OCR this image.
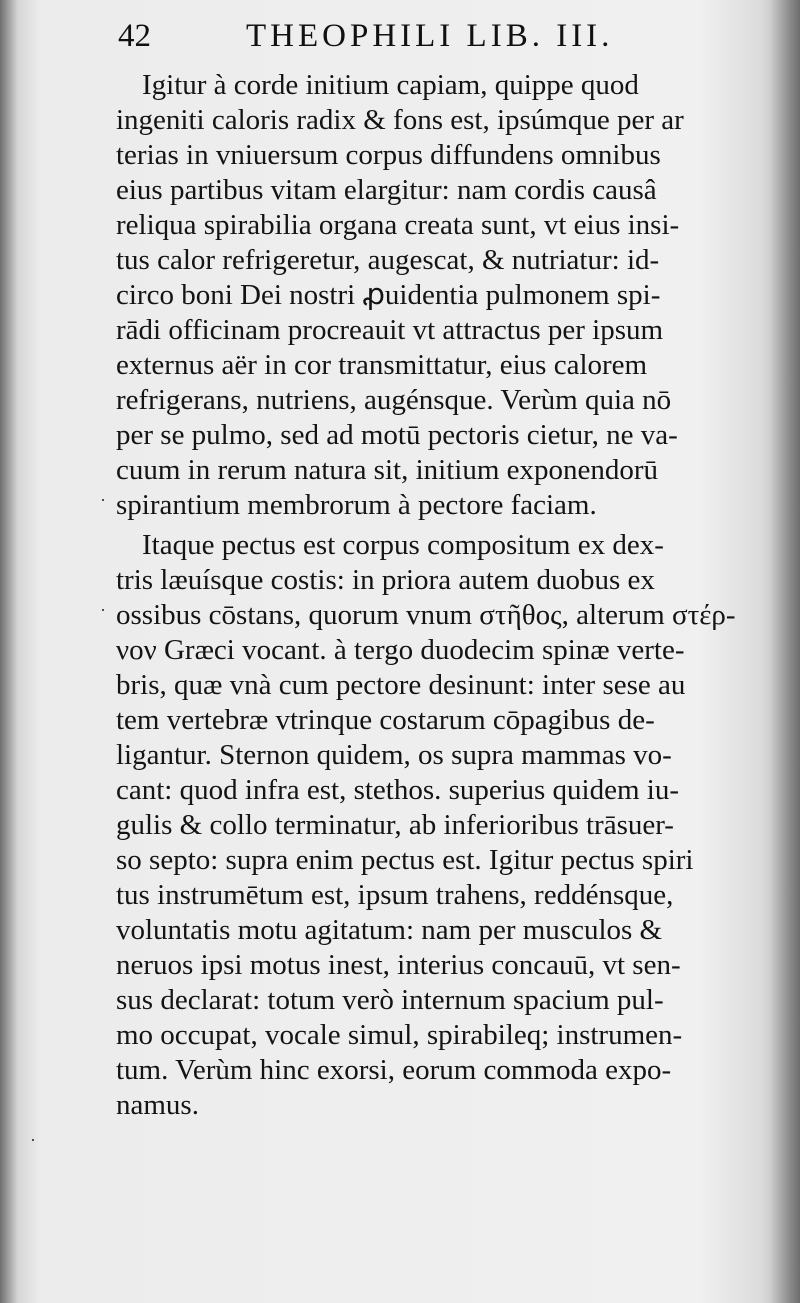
42	THEOPHILI LIB. III.
Igitur à corde initium capiam, quippe quod
ingeniti caloris radix & fons est, ipsúmque per ar
terias in vniuersum corpus diffundens omnibus
eius partibus vitam elargitur: nam cordis causâ
reliqua spirabilia organa creata sunt, vt eius insi-
tus calor refrigeretur, augescat, & nutriatur: id-
circo boni Dei nostri ꝓuidentia pulmonem spi-
rādi officinam procreauit vt attractus per ipsum
externus aër in cor transmittatur, eius calorem
refrigerans, nutriens, augénsque. Verùm quia nō
per se pulmo, sed ad motū pectoris cietur, ne va-
cuum in rerum natura sit, initium exponendorū
spirantium membrorum à pectore faciam.
Itaque pectus est corpus compositum ex dex-
tris læuísque costis: in priora autem duobus ex
ossibus cōstans, quorum vnum στῆθος, alterum στέρ-
νον Græci vocant. à tergo duodecim spinæ verte-
bris, quæ vnà cum pectore desinunt: inter sese au
tem vertebræ vtrinque costarum cōpagibus de-
ligantur. Sternon quidem, os supra mammas vo-
cant: quod infra est, stethos. superius quidem iu-
gulis & collo terminatur, ab inferioribus trāsuer-
so septo: supra enim pectus est. Igitur pectus spiri
tus instrumētum est, ipsum trahens, reddénsque,
voluntatis motu agitatum: nam per musculos &
neruos ipsi motus inest, interius concauū, vt sen-
sus declarat: totum verò internum spacium pul-
mo occupat, vocale simul, spirabileq; instrumen-
tum. Verùm hinc exorsi, eorum commoda expo-
namus.
·
·
·
